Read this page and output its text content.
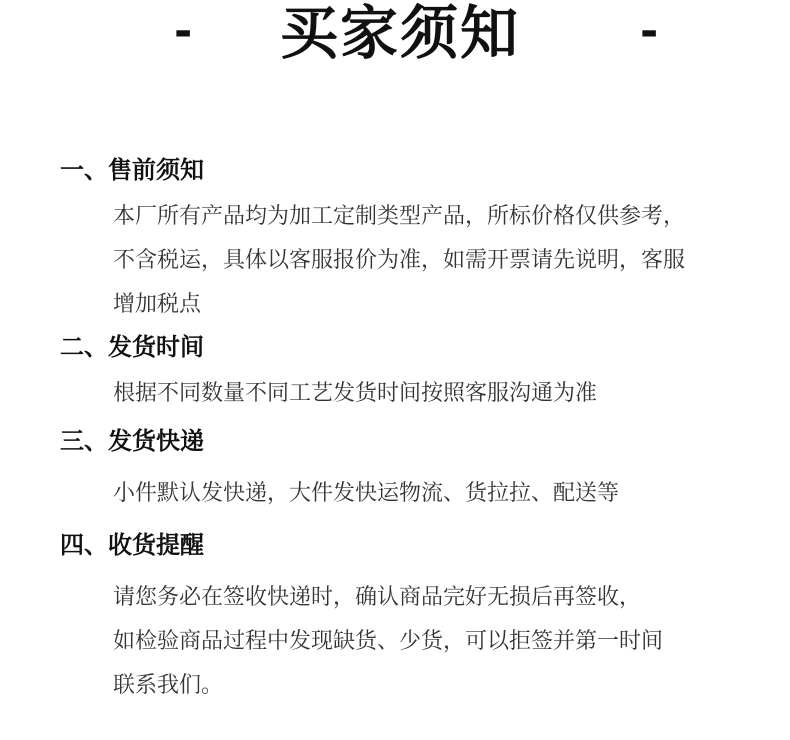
- 买家须知	-
一、售前须知
本厂所有产品均为加工定制类型产品，所标价格仅供参考，
不含税运，具体以客服报价为准，如需开票请先说明，客服
增加税点
二、发货时间
根据不同数量不同工艺发货时间按照客服沟通为准
三、发货快递
小件默认发快递，大件发快运物流、货拉拉、配送等
四、收货提醒
请您务必在签收快递时，确认商品完好无损后再签收，
如检验商品过程中发现缺货、少货，可以拒签并第一时间
联系我们。
